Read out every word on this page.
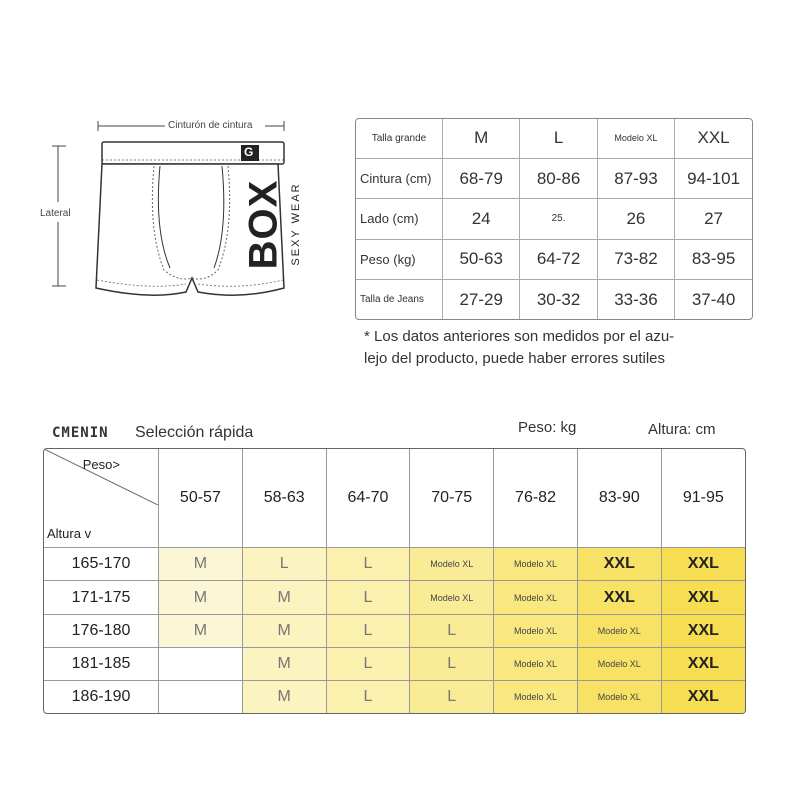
Cinturón de cintura
Lateral
G
BOX SEXY WEAR
Talla grande	M	L	Modelo XL	XXL
Cintura (cm)	68-79	80-86	87-93	94-101
Lado (cm)	24	25.	26	27
Peso (kg)	50-63	64-72	73-82	83-95
Talla de Jeans	27-29	30-32	33-36	37-40
* Los datos anteriores son medidos por el azu-
lejo del producto, puede haber errores sutiles
CMENIN Selección rápida	Peso: kg	Altura: cm
Peso>
Altura v	50-57	58-63	64-70	70-75	76-82	83-90	91-95
165-170	M	L	L	Modelo XL	Modelo XL	XXL	XXL
171-175	M	M	L	Modelo XL	Modelo XL	XXL	XXL
176-180	M	M	L	L	Modelo XL	Modelo XL	XXL
181-185		M	L	L	Modelo XL	Modelo XL	XXL
186-190		M	L	L	Modelo XL	Modelo XL	XXL
